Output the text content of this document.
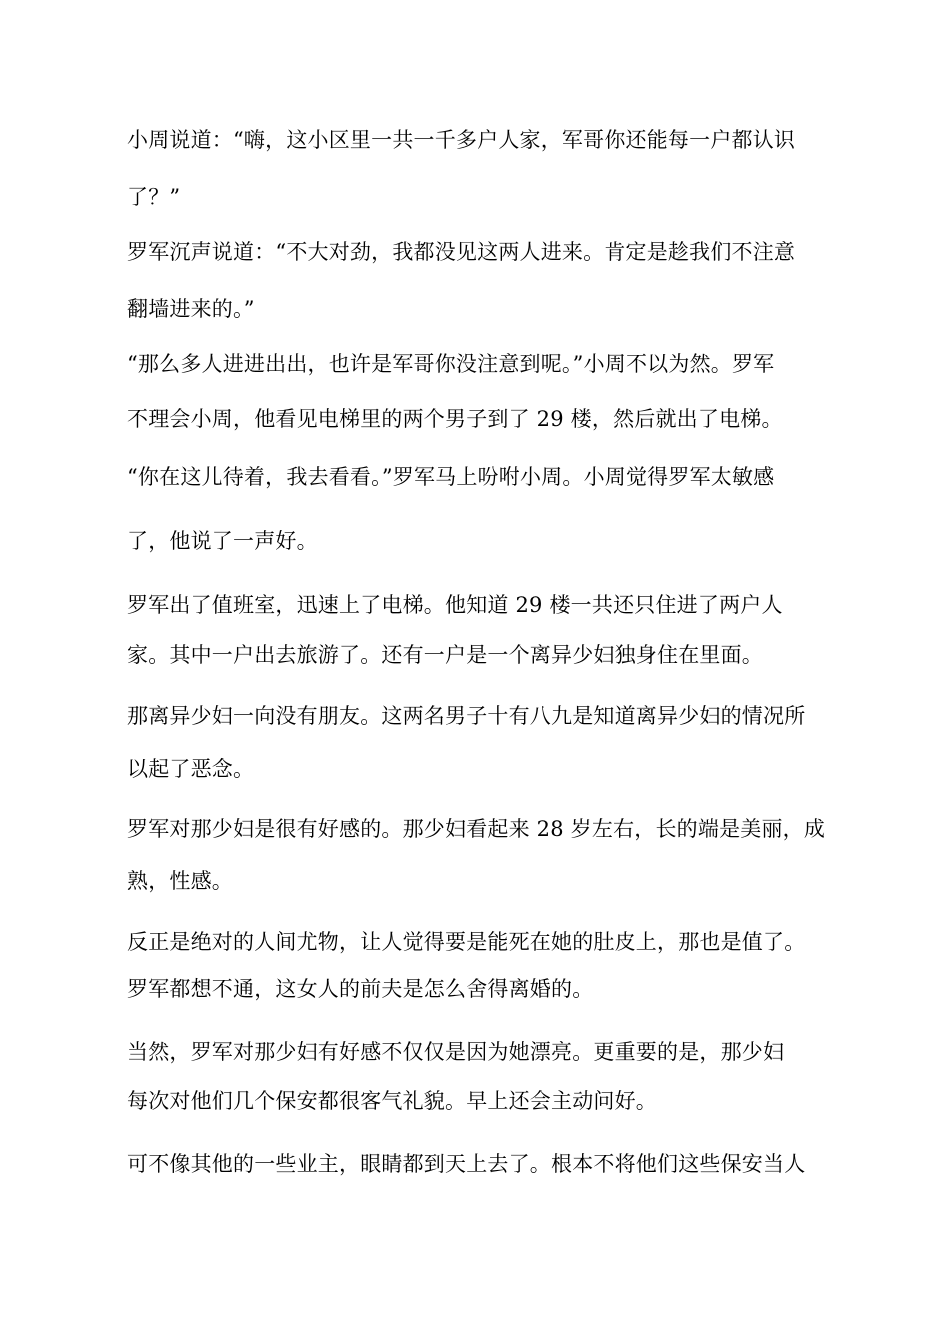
小周说道：“嗨，这小区里一共一千多户人家，军哥你还能每一户都认识
了？”
罗军沉声说道：“不大对劲，我都没见这两人进来。肯定是趁我们不注意
翻墙进来的。”
“那么多人进进出出，也许是军哥你没注意到呢。”小周不以为然。罗军
不理会小周，他看见电梯里的两个男子到了 29 楼，然后就出了电梯。
“你在这儿待着，我去看看。”罗军马上吩咐小周。小周觉得罗军太敏感
了，他说了一声好。
罗军出了值班室，迅速上了电梯。他知道 29 楼一共还只住进了两户人
家。其中一户出去旅游了。还有一户是一个离异少妇独身住在里面。
那离异少妇一向没有朋友。这两名男子十有八九是知道离异少妇的情况所
以起了恶念。
罗军对那少妇是很有好感的。那少妇看起来 28 岁左右，长的端是美丽，成
熟，性感。
反正是绝对的人间尤物，让人觉得要是能死在她的肚皮上，那也是值了。
罗军都想不通，这女人的前夫是怎么舍得离婚的。
当然，罗军对那少妇有好感不仅仅是因为她漂亮。更重要的是，那少妇
每次对他们几个保安都很客气礼貌。早上还会主动问好。
可不像其他的一些业主，眼睛都到天上去了。根本不将他们这些保安当人
